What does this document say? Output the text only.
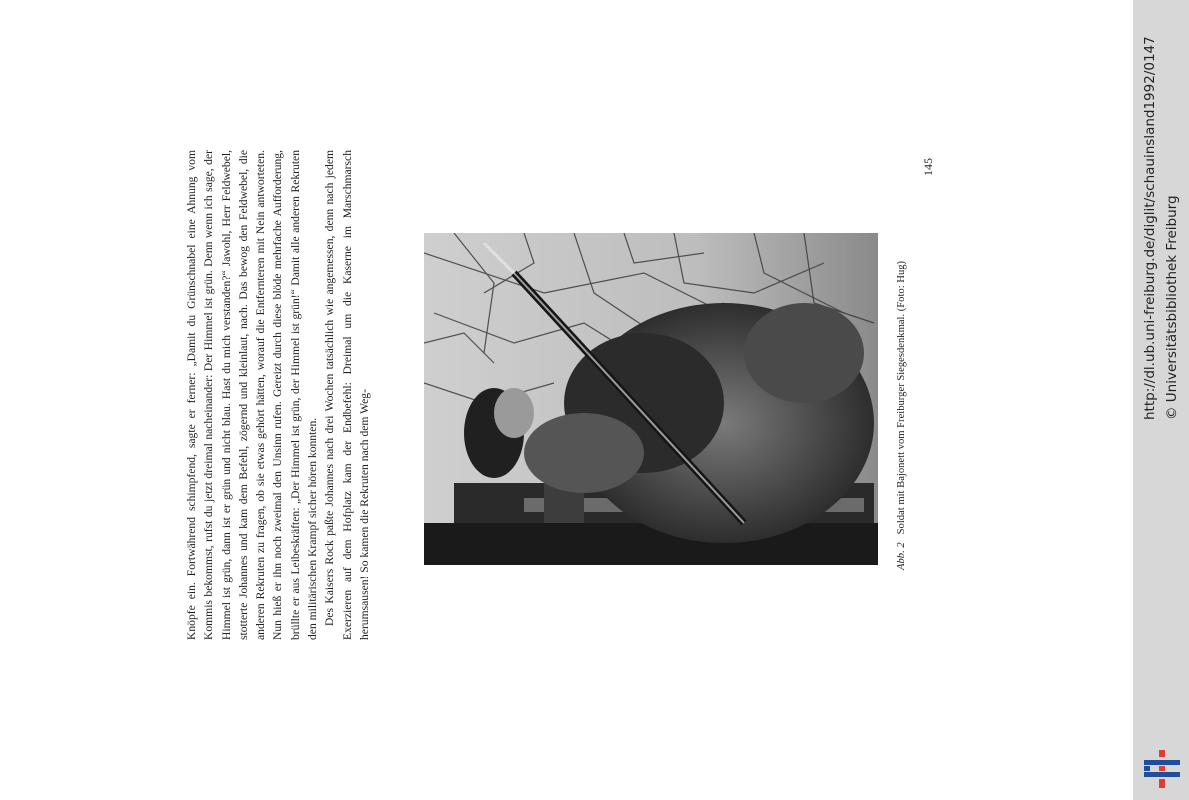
Knöpfe ein. Fortwährend schimpfend, sagte er ferner: „Damit du Grünschnabel eine Ahnung vom Kommis bekommst, rufst du jetzt dreimal nacheinander: Der Himmel ist grün. Denn wenn ich sage, der Himmel ist grün, dann ist er grün und nicht blau. Hast du mich verstanden?“ Jawohl, Herr Feldwebel, stotterte Johannes und kam dem Befehl, zögernd und kleinlaut, nach. Das bewog den Feldwebel, die anderen Rekruten zu fragen, ob sie etwas gehört hätten, worauf die Entfernteren mit Nein antworteten. Nun hieß er ihn noch zweimal den Unsinn rufen. Gereizt durch diese blöde mehrfache Aufforderung, brüllte er aus Leibeskräften: „Der Himmel ist grün, der Himmel ist grün!“ Damit alle anderen Rekruten den militärischen Krampf sicher hören konnten. Des Kaisers Rock paßte Johannes nach drei Wochen tatsächlich wie angemessen, denn nach jedem Exerzieren auf dem Hofplatz kam der Endbefehl: Dreimal um die Kaserne im Marschmarsch herumsausen! So kamen die Rekruten nach dem Weg-	Abb. 2   Soldat mit Bajonett vom Freiburger Siegesdenkmal. (Foto: Hug)
145	http://dl.ub.uni-freiburg.de/diglit/schauinsland1992/0147 © Universitätsbibliothek Freiburg
